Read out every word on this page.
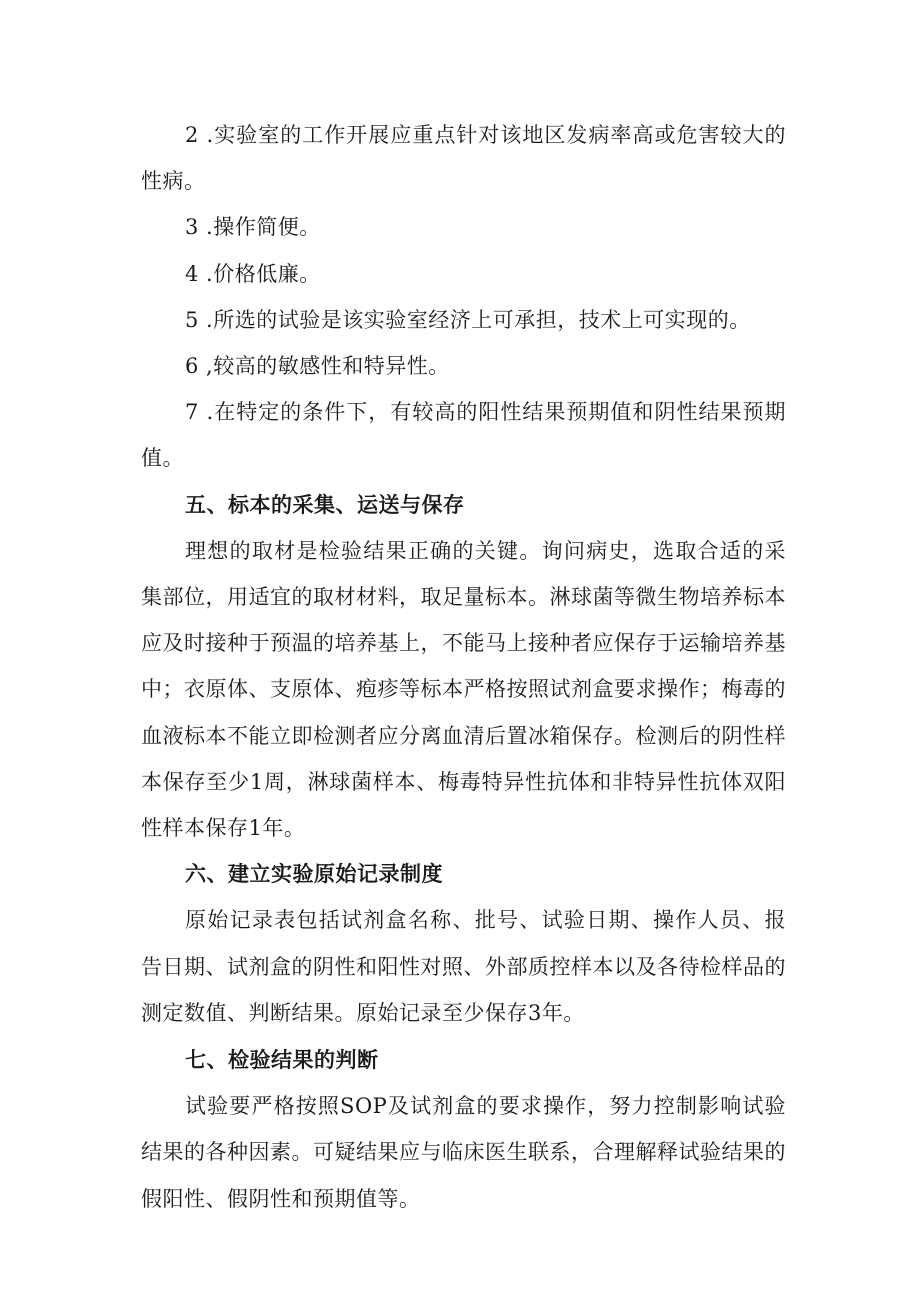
2 .实验室的工作开展应重点针对该地区发病率高或危害较大的性病。

3 .操作简便。

4 .价格低廉。

5 .所选的试验是该实验室经济上可承担，技术上可实现的。

6 ,较高的敏感性和特异性。

7 .在特定的条件下，有较高的阳性结果预期值和阴性结果预期值。

五、标本的采集、运送与保存

理想的取材是检验结果正确的关键。询问病史，选取合适的采集部位，用适宜的取材材料，取足量标本。淋球菌等微生物培养标本应及时接种于预温的培养基上，不能马上接种者应保存于运输培养基中；衣原体、支原体、疱疹等标本严格按照试剂盒要求操作；梅毒的血液标本不能立即检测者应分离血清后置冰箱保存。检测后的阴性样本保存至少1周，淋球菌样本、梅毒特异性抗体和非特异性抗体双阳性样本保存1年。

六、建立实验原始记录制度

原始记录表包括试剂盒名称、批号、试验日期、操作人员、报告日期、试剂盒的阴性和阳性对照、外部质控样本以及各待检样品的测定数值、判断结果。原始记录至少保存3年。

七、检验结果的判断

试验要严格按照SOP及试剂盒的要求操作，努力控制影响试验结果的各种因素。可疑结果应与临床医生联系，合理解释试验结果的假阳性、假阴性和预期值等。
